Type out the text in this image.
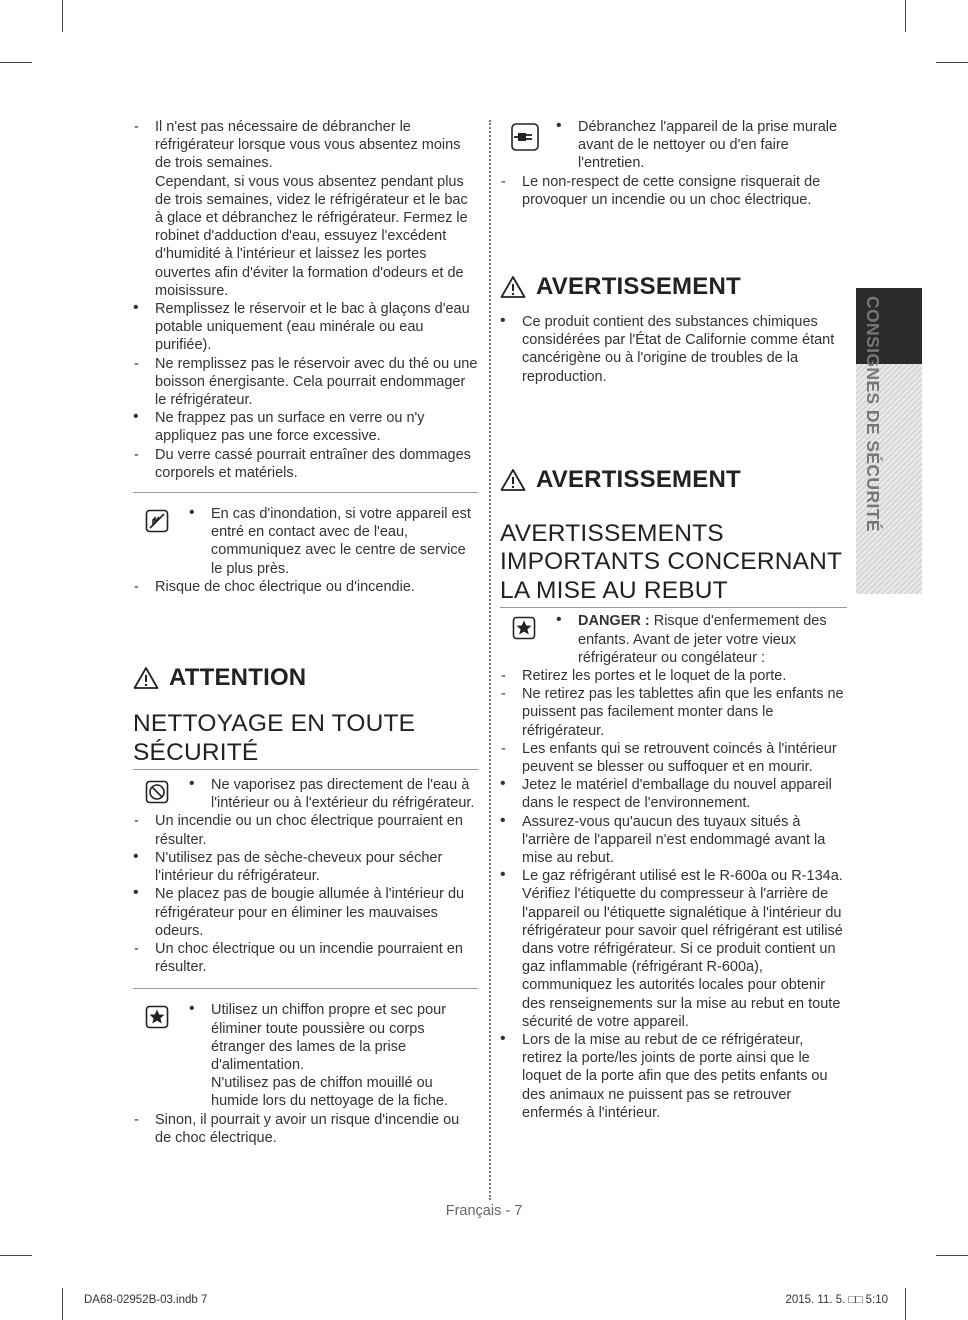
- Il n'est pas nécessaire de débrancher le réfrigérateur lorsque vous vous absentez moins de trois semaines.
Cependant, si vous vous absentez pendant plus de trois semaines, videz le réfrigérateur et le bac à glace et débranchez le réfrigérateur. Fermez le robinet d'adduction d'eau, essuyez l'excédent d'humidité à l'intérieur et laissez les portes ouvertes afin d'éviter la formation d'odeurs et de moisissure.
• Remplissez le réservoir et le bac à glaçons d'eau potable uniquement (eau minérale ou eau purifiée).
- Ne remplissez pas le réservoir avec du thé ou une boisson énergisante. Cela pourrait endommager le réfrigérateur.
• Ne frappez pas un surface en verre ou n'y appliquez pas une force excessive.
- Du verre cassé pourrait entraîner des dommages corporels et matériels.
• En cas d'inondation, si votre appareil est entré en contact avec de l'eau, communiquez avec le centre de service le plus près.
- Risque de choc électrique ou d'incendie.
ATTENTION
NETTOYAGE EN TOUTE
SÉCURITÉ
• Ne vaporisez pas directement de l'eau à l'intérieur ou à l'extérieur du réfrigérateur.
- Un incendie ou un choc électrique pourraient en résulter.
• N'utilisez pas de sèche-cheveux pour sécher l'intérieur du réfrigérateur.
• Ne placez pas de bougie allumée à l'intérieur du réfrigérateur pour en éliminer les mauvaises odeurs.
- Un choc électrique ou un incendie pourraient en résulter.
• Utilisez un chiffon propre et sec pour éliminer toute poussière ou corps étranger des lames de la prise d'alimentation.
N'utilisez pas de chiffon mouillé ou humide lors du nettoyage de la fiche.
- Sinon, il pourrait y avoir un risque d'incendie ou de choc électrique.
• Débranchez l'appareil de la prise murale avant de le nettoyer ou d'en faire l'entretien.
- Le non-respect de cette consigne risquerait de provoquer un incendie ou un choc électrique.
AVERTISSEMENT
• Ce produit contient des substances chimiques considérées par l'État de Californie comme étant cancérigène ou à l'origine de troubles de la reproduction.
AVERTISSEMENT
AVERTISSEMENTS
IMPORTANTS CONCERNANT
LA MISE AU REBUT
• DANGER : Risque d'enfermement des enfants. Avant de jeter votre vieux réfrigérateur ou congélateur :
- Retirez les portes et le loquet de la porte.
- Ne retirez pas les tablettes afin que les enfants ne puissent pas facilement monter dans le réfrigérateur.
- Les enfants qui se retrouvent coincés à l'intérieur peuvent se blesser ou suffoquer et en mourir.
• Jetez le matériel d'emballage du nouvel appareil dans le respect de l'environnement.
• Assurez-vous qu'aucun des tuyaux situés à l'arrière de l'appareil n'est endommagé avant la mise au rebut.
• Le gaz réfrigérant utilisé est le R-600a ou R-134a. Vérifiez l'étiquette du compresseur à l'arrière de l'appareil ou l'étiquette signalétique à l'intérieur du réfrigérateur pour savoir quel réfrigérant est utilisé dans votre réfrigérateur. Si ce produit contient un gaz inflammable (réfrigérant R-600a), communiquez les autorités locales pour obtenir des renseignements sur la mise au rebut en toute sécurité de votre appareil.
• Lors de la mise au rebut de ce réfrigérateur, retirez la porte/les joints de porte ainsi que le loquet de la porte afin que des petits enfants ou des animaux ne puissent pas se retrouver enfermés à l'intérieur.
CONSIGNES DE SÉCURITÉ
Français - 7
DA68-02952B-03.indb 7	2015. 11. 5. □□ 5:10
